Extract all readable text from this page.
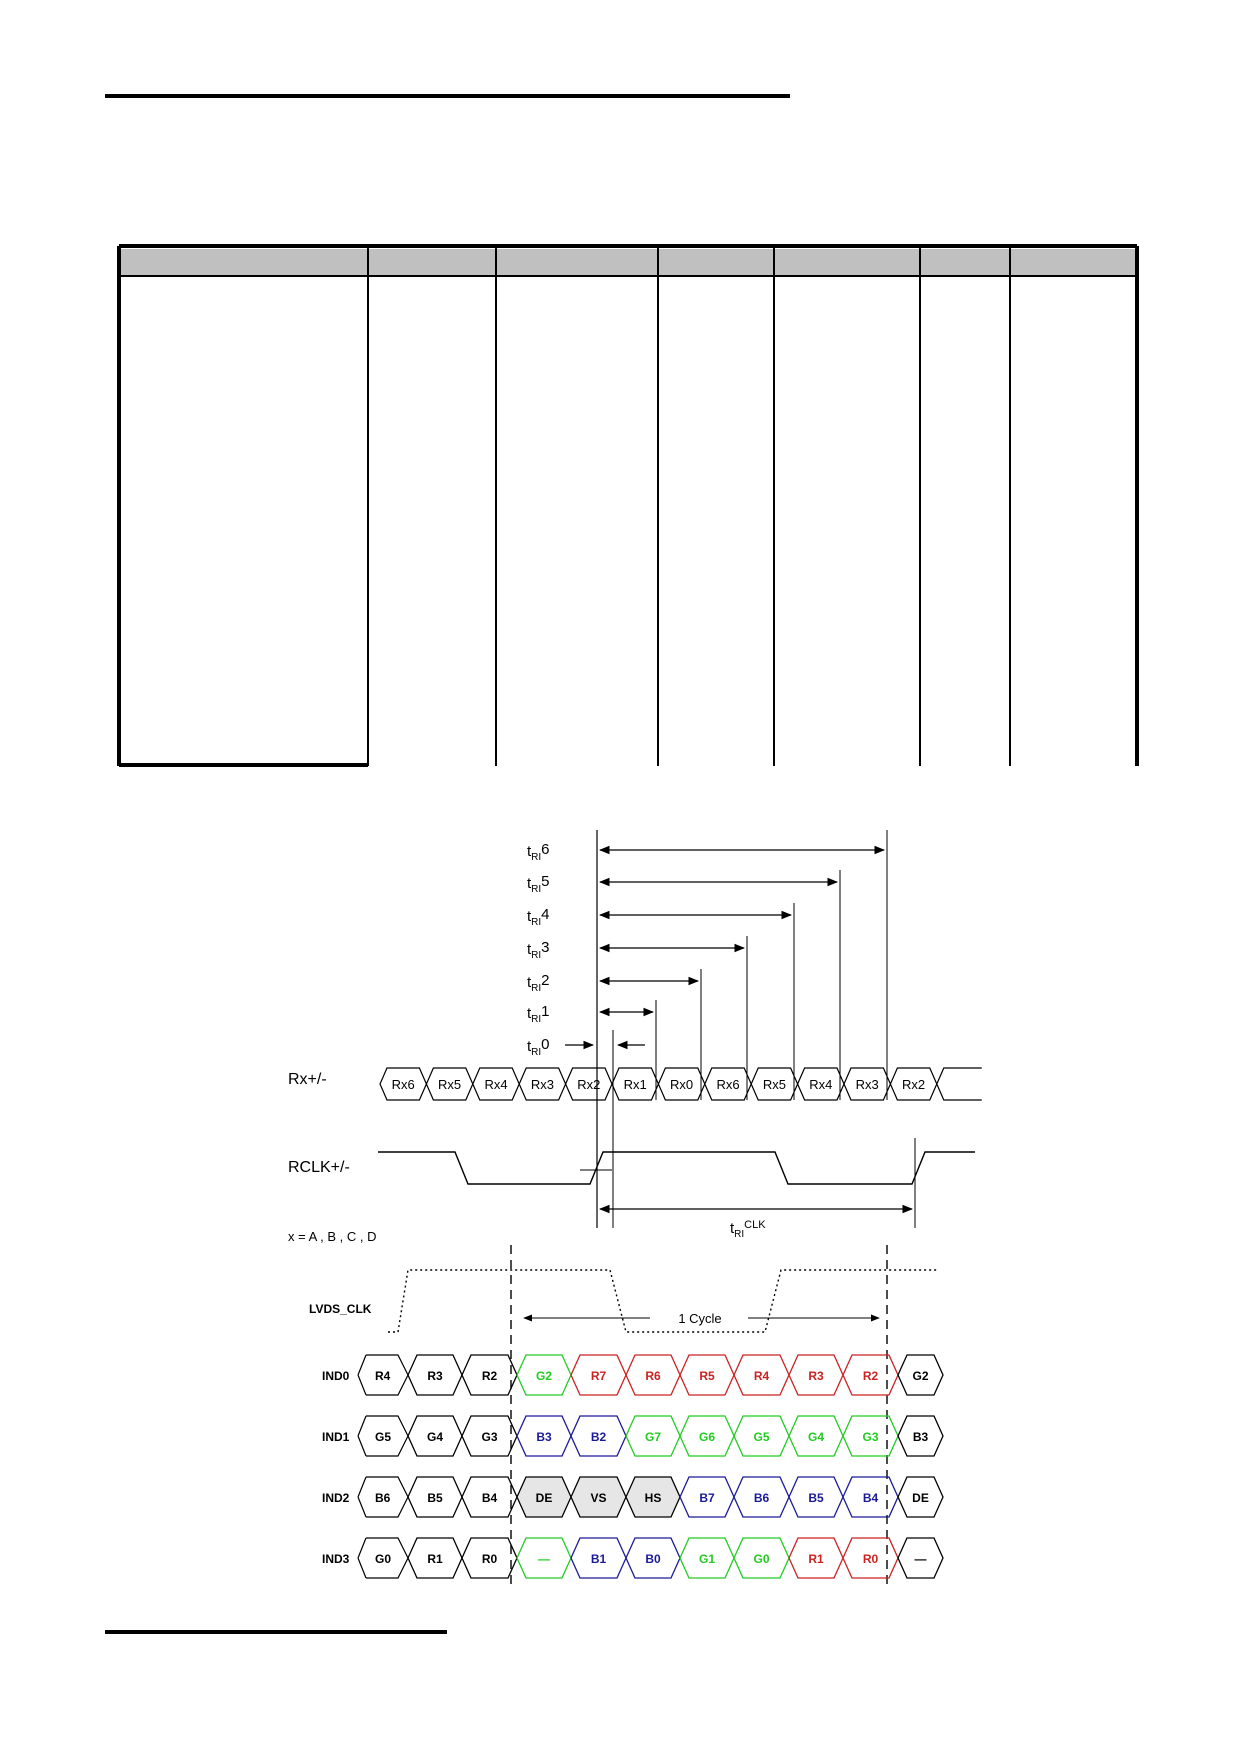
$t_{RI}6$
$t_{RI}5$
$t_{RI}4$
$t_{RI}3$
$t_{RI}2$
$t_{RI}1$
$t_{RI}0$
Rx+/-	Rx6 Rx5 Rx4 Rx3 Rx2 Rx1 Rx0 Rx6 Rx5 Rx4 Rx3 Rx2
RCLK+/-
$t_{RI}^{CLK}$
x = A , B , C , D
LVDS_CLK
1 Cycle
IND0 R4	R3	R2	G2	R7	R6	R5	R4	R3	R2	G2
IND1 G5	G4	G3	B3	B2	G7	G6	G5	G4	G3	B3
IND2 B6	B5	B4	DE	VS	HS	B7	B6	B5	B4	DE
IND3 G0	R1	R0	—	B1	B0	G1	G0	R1	R0	—
